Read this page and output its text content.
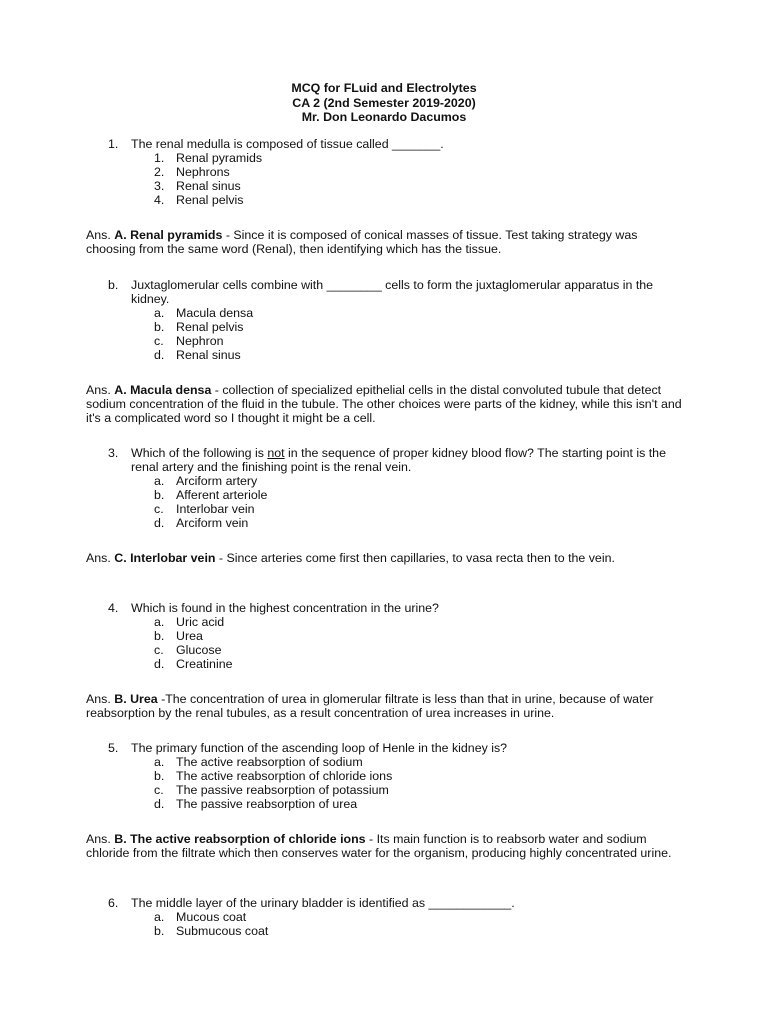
MCQ for FLuid and Electrolytes
CA 2 (2nd Semester 2019-2020)
Mr. Don Leonardo Dacumos
1.	The renal medulla is composed of tissue called _______.
1. Renal pyramids
2. Nephrons
3. Renal sinus
4. Renal pelvis
Ans. A. Renal pyramids - Since it is composed of conical masses of tissue. Test taking strategy was choosing from the same word (Renal), then identifying which has the tissue.
b.	Juxtaglomerular cells combine with ________ cells to form the juxtaglomerular apparatus in the kidney.
a. Macula densa
b. Renal pelvis
c. Nephron
d. Renal sinus
Ans. A. Macula densa - collection of specialized epithelial cells in the distal convoluted tubule that detect sodium concentration of the fluid in the tubule. The other choices were parts of the kidney, while this isn't and it's a complicated word so I thought it might be a cell.
3.	Which of the following is not in the sequence of proper kidney blood flow? The starting point is the renal artery and the finishing point is the renal vein.
a. Arciform artery
b. Afferent arteriole
c. Interlobar vein
d. Arciform vein
Ans. C. Interlobar vein - Since arteries come first then capillaries, to vasa recta then to the vein.
4.	Which is found in the highest concentration in the urine?
a. Uric acid
b. Urea
c. Glucose
d. Creatinine
Ans. B. Urea -The concentration of urea in glomerular filtrate is less than that in urine, because of water reabsorption by the renal tubules, as a result concentration of urea increases in urine.
5.	The primary function of the ascending loop of Henle in the kidney is?
a. The active reabsorption of sodium
b. The active reabsorption of chloride ions
c. The passive reabsorption of potassium
d. The passive reabsorption of urea
Ans. B. The active reabsorption of chloride ions - Its main function is to reabsorb water and sodium chloride from the filtrate which then conserves water for the organism, producing highly concentrated urine.
6.	The middle layer of the urinary bladder is identified as ____________.
a. Mucous coat
b. Submucous coat
